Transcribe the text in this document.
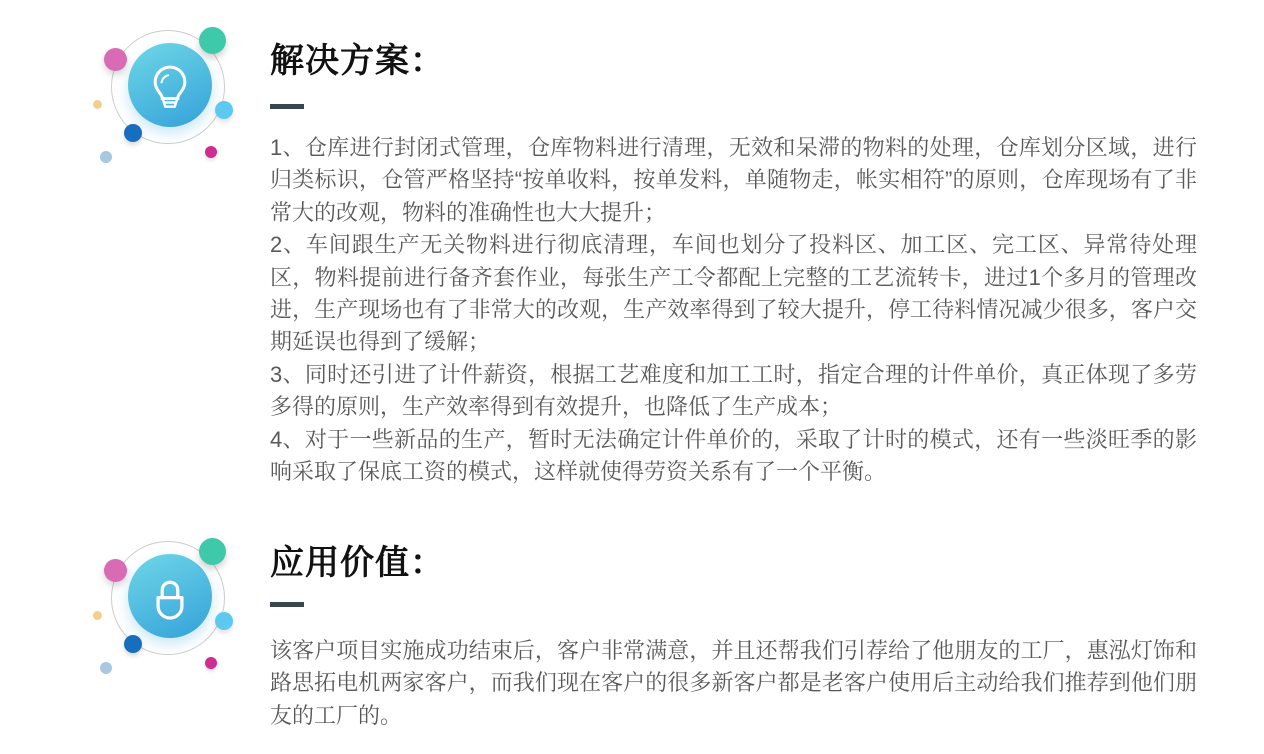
解决方案：

1、仓库进行封闭式管理，仓库物料进行清理，无效和呆滞的物料的处理，仓库划分区域，进行归类标识，仓管严格坚持“按单收料，按单发料，单随物走，帐实相符”的原则，仓库现场有了非常大的改观，物料的准确性也大大提升；

2、车间跟生产无关物料进行彻底清理，车间也划分了投料区、加工区、完工区、异常待处理区，物料提前进行备齐套作业，每张生产工令都配上完整的工艺流转卡，进过1个多月的管理改进，生产现场也有了非常大的改观，生产效率得到了较大提升，停工待料情况减少很多，客户交期延误也得到了缓解；

3、同时还引进了计件薪资，根据工艺难度和加工工时，指定合理的计件单价，真正体现了多劳多得的原则，生产效率得到有效提升，也降低了生产成本；

4、对于一些新品的生产，暂时无法确定计件单价的，采取了计时的模式，还有一些淡旺季的影响采取了保底工资的模式，这样就使得劳资关系有了一个平衡。

应用价值：

该客户项目实施成功结束后，客户非常满意，并且还帮我们引荐给了他朋友的工厂，惠泓灯饰和路思拓电机两家客户，而我们现在客户的很多新客户都是老客户使用后主动给我们推荐到他们朋友的工厂的。
